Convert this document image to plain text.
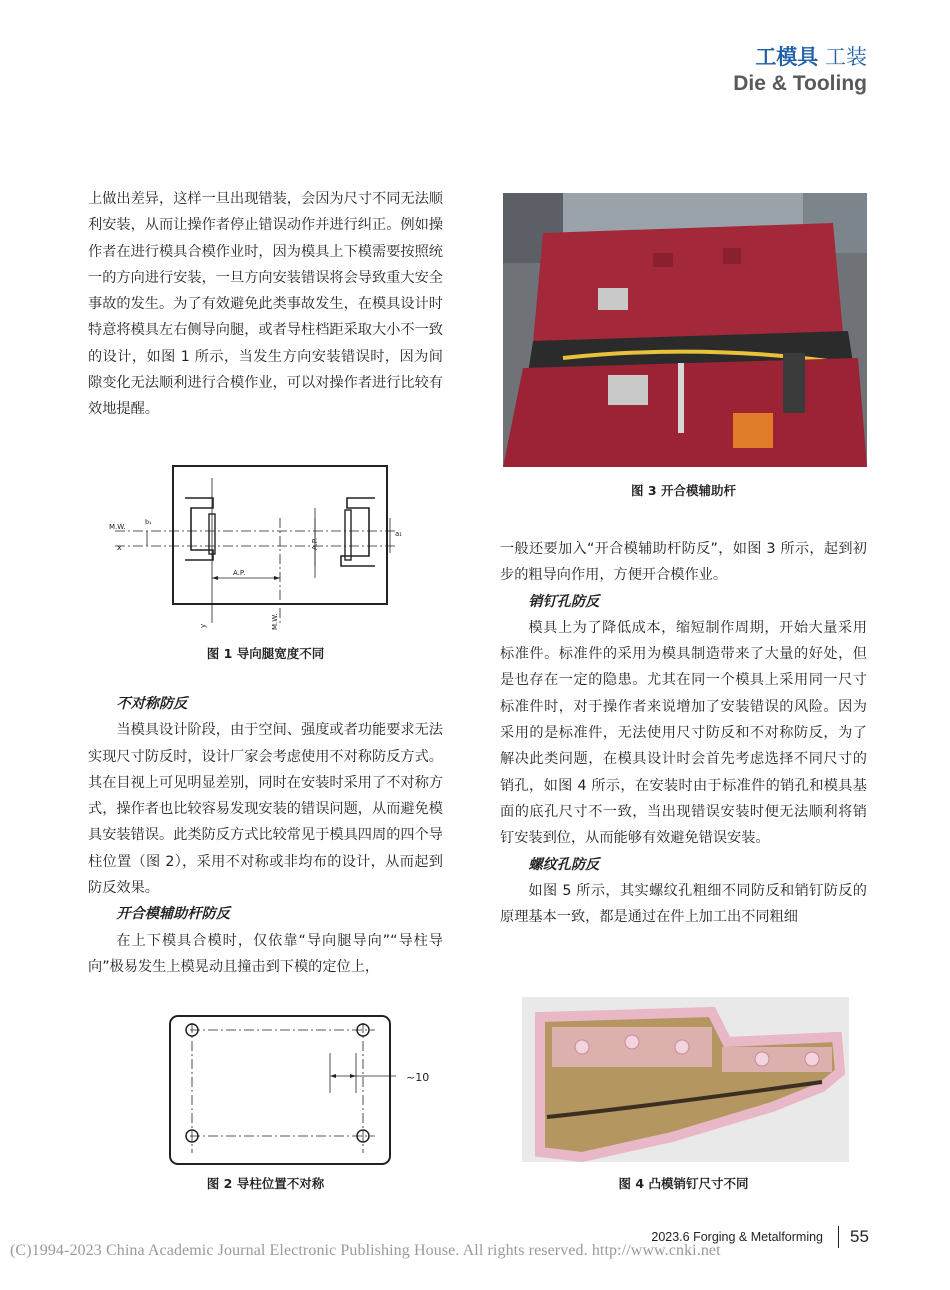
工模具 工装
Die & Tooling

上做出差异，这样一旦出现错装，会因为尺寸不同无法顺利安装，从而让操作者停止错误动作并进行纠正。例如操作者在进行模具合模作业时，因为模具上下模需要按照统一的方向进行安装，一旦方向安装错误将会导致重大安全事故的发生。为了有效避免此类事故发生，在模具设计时特意将模具左右侧导向腿，或者导柱档距采取大小不一致的设计，如图 1 所示，当发生方向安装错误时，因为间隙变化无法顺利进行合模作业，可以对操作者进行比较有效地提醒。

M.W.
x
b₁
a₁
A.P.
A.P.
y	M.W.
图 1 导向腿宽度不同

不对称防反

当模具设计阶段，由于空间、强度或者功能要求无法实现尺寸防反时，设计厂家会考虑使用不对称防反方式。其在目视上可见明显差别，同时在安装时采用了不对称方式，操作者也比较容易发现安装的错误问题，从而避免模具安装错误。此类防反方式比较常见于模具四周的四个导柱位置（图 2），采用不对称或非均布的设计，从而起到防反效果。

开合模辅助杆防反

在上下模具合模时，仅依靠“导向腿导向”“导柱导向”极易发生上模晃动且撞击到下模的定位上，

~10
图 2 导柱位置不对称
图 3 开合模辅助杆

一般还要加入“开合模辅助杆防反”，如图 3 所示，起到初步的粗导向作用，方便开合模作业。

销钉孔防反

模具上为了降低成本，缩短制作周期，开始大量采用标准件。标准件的采用为模具制造带来了大量的好处，但是也存在一定的隐患。尤其在同一个模具上采用同一尺寸标准件时，对于操作者来说增加了安装错误的风险。因为采用的是标准件，无法使用尺寸防反和不对称防反，为了解决此类问题，在模具设计时会首先考虑选择不同尺寸的销孔，如图 4 所示，在安装时由于标准件的销孔和模具基面的底孔尺寸不一致，当出现错误安装时便无法顺利将销钉安装到位，从而能够有效避免错误安装。

螺纹孔防反

如图 5 所示，其实螺纹孔粗细不同防反和销钉防反的原理基本一致，都是通过在件上加工出不同粗细

图 4 凸模销钉尺寸不同
2023.6 Forging & Metalforming 55
(C)1994-2023 China Academic Journal Electronic Publishing House. All rights reserved. http://www.cnki.net
